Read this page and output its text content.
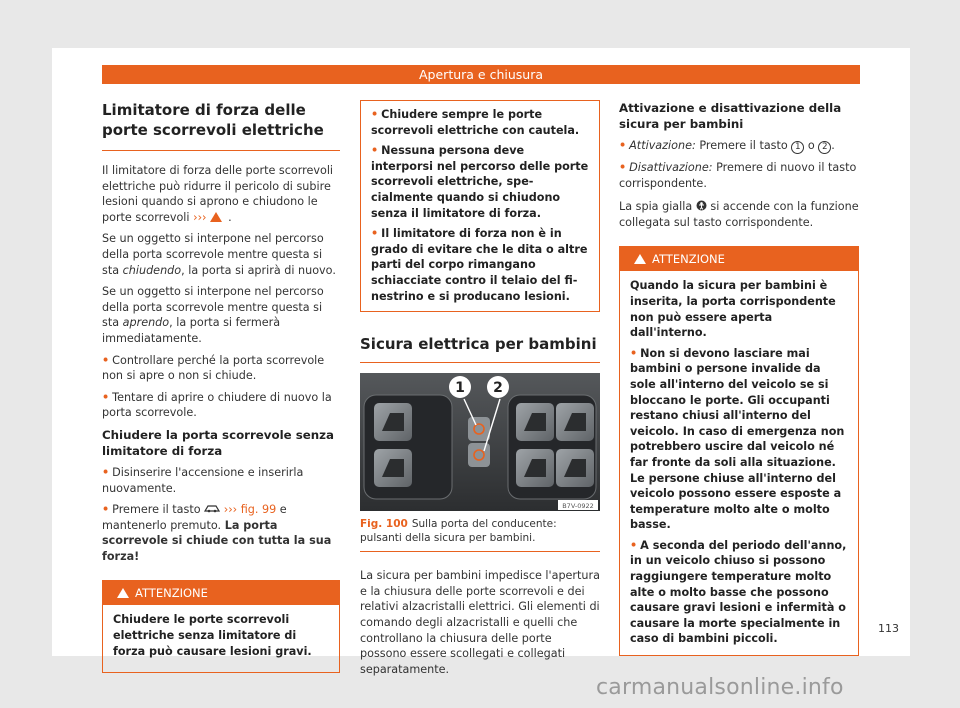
Apertura e chiusura
Limitatore di forza delle porte scorrevoli elettriche

Il limitatore di forza delle porte scorrevoli elettriche può ridurre il pericolo di subire lesioni quando si aprono e chiudono le porte scorrevoli ››› .

Se un oggetto si interpone nel percorso della porta scorrevole mentre questa si sta chiudendo, la porta si aprirà di nuovo.

Se un oggetto si interpone nel percorso della porta scorrevole mentre questa si sta aprendo, la porta si fermerà immediatamente.

• Controllare perché la porta scorrevole non si apre o non si chiude.
• Tentare di aprire o chiudere di nuovo la porta scorrevole.
Chiudere la porta scorrevole senza limitatore di forza
• Disinserire l'accensione e inserirla nuovamente.
• Premere il tasto ››› fig. 99 e mantenerlo premuto. La porta scorrevole si chiude con tutta la sua forza!
ATTENZIONE

Chiudere le porte scorrevoli elettriche senza limitatore di forza può causare lesioni gravi.

• Chiudere sempre le porte scorrevoli elettriche con cautela.

• Nessuna persona deve interporsi nel percorso delle porte scorrevoli elettriche, specialmente quando si chiudono senza il limitatore di forza.

• Il limitatore di forza non è in grado di evitare che le dita o altre parti del corpo rimangano schiacciate contro il telaio del finestrino e si producano lesioni.

Sicura elettrica per bambini
1 2
B7V-0922
Fig. 100 Sulla porta del conducente: pulsanti della sicura per bambini.

La sicura per bambini impedisce l'apertura e la chiusura delle porte scorrevoli e dei relativi alzacristalli elettrici. Gli elementi di comando degli alzacristalli e quelli che controllano la chiusura delle porte possono essere scollegati e collegati separatamente.

Attivazione e disattivazione della sicura per bambini
• Attivazione: Premere il tasto 1 o 2 .
• Disattivazione: Premere di nuovo il tasto corrispondente.

La spia gialla si accende con la funzione collegata sul tasto corrispondente.

ATTENZIONE

Quando la sicura per bambini è inserita, la porta corrispondente non può essere aperta dall'interno.

• Non si devono lasciare mai bambini o persone invalide da sole all'interno del veicolo se si bloccano le porte. Gli occupanti restano chiusi all'interno del veicolo. In caso di emergenza non potrebbero uscire dal veicolo né far fronte da soli alla situazione. Le persone chiuse all'interno del veicolo possono essere esposte a temperature molto alte o molto basse.

• A seconda del periodo dell'anno, in un veicolo chiuso si possono raggiungere temperature molto alte o molto basse che possono causare gravi lesioni e infermità o causare la morte specialmente in caso di bambini piccoli.

113
carmanualsonline.info
